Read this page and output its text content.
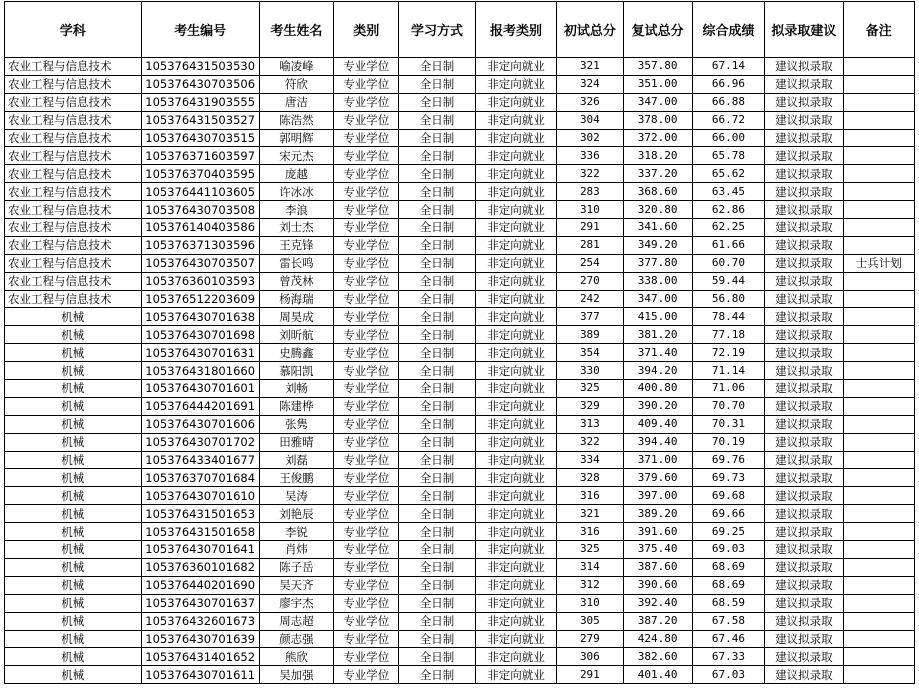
学科	考生编号	考生姓名	类别	学习方式	报考类别	初试总分	复试总分	综合成绩	拟录取建议	备注
农业工程与信息技术	105376431503530	喻凌峰	专业学位	全日制	非定向就业	321	357.80	67.14	建议拟录取	
农业工程与信息技术	105376430703506	符欣	专业学位	全日制	非定向就业	324	351.00	66.96	建议拟录取	
农业工程与信息技术	105376431903555	唐洁	专业学位	全日制	非定向就业	326	347.00	66.88	建议拟录取	
农业工程与信息技术	105376431503527	陈浩然	专业学位	全日制	非定向就业	304	378.00	66.72	建议拟录取	
农业工程与信息技术	105376430703515	郭明辉	专业学位	全日制	非定向就业	302	372.00	66.00	建议拟录取	
农业工程与信息技术	105376371603597	宋元杰	专业学位	全日制	非定向就业	336	318.20	65.78	建议拟录取	
农业工程与信息技术	105376370403595	庞越	专业学位	全日制	非定向就业	322	337.20	65.62	建议拟录取	
农业工程与信息技术	105376441103605	许冰冰	专业学位	全日制	非定向就业	283	368.60	63.45	建议拟录取	
农业工程与信息技术	105376430703508	李浪	专业学位	全日制	非定向就业	310	320.80	62.86	建议拟录取	
农业工程与信息技术	105376140403586	刘士杰	专业学位	全日制	非定向就业	291	341.60	62.25	建议拟录取	
农业工程与信息技术	105376371303596	王克锋	专业学位	全日制	非定向就业	281	349.20	61.66	建议拟录取	
农业工程与信息技术	105376430703507	雷长鸣	专业学位	全日制	非定向就业	254	377.80	60.70	建议拟录取	士兵计划
农业工程与信息技术	105376360103593	曾茂林	专业学位	全日制	非定向就业	270	338.00	59.44	建议拟录取	
农业工程与信息技术	105376512203609	杨海瑞	专业学位	全日制	非定向就业	242	347.00	56.80	建议拟录取	
机械	105376430701638	周昊成	专业学位	全日制	非定向就业	377	415.00	78.44	建议拟录取	
机械	105376430701698	刘昕航	专业学位	全日制	非定向就业	389	381.20	77.18	建议拟录取	
机械	105376430701631	史腾鑫	专业学位	全日制	非定向就业	354	371.40	72.19	建议拟录取	
机械	105376431801660	慕阳凯	专业学位	全日制	非定向就业	330	394.20	71.14	建议拟录取	
机械	105376430701601	刘畅	专业学位	全日制	非定向就业	325	400.80	71.06	建议拟录取	
机械	105376444201691	陈建桦	专业学位	全日制	非定向就业	329	390.20	70.70	建议拟录取	
机械	105376430701606	张隽	专业学位	全日制	非定向就业	313	409.40	70.31	建议拟录取	
机械	105376430701702	田雅晴	专业学位	全日制	非定向就业	322	394.40	70.19	建议拟录取	
机械	105376433401677	刘磊	专业学位	全日制	非定向就业	334	371.00	69.76	建议拟录取	
机械	105376370701684	王俊鹏	专业学位	全日制	非定向就业	328	379.60	69.73	建议拟录取	
机械	105376430701610	吴涛	专业学位	全日制	非定向就业	316	397.00	69.68	建议拟录取	
机械	105376431501653	刘艳辰	专业学位	全日制	非定向就业	321	389.20	69.66	建议拟录取	
机械	105376431501658	李锐	专业学位	全日制	非定向就业	316	391.60	69.25	建议拟录取	
机械	105376430701641	肖炜	专业学位	全日制	非定向就业	325	375.40	69.03	建议拟录取	
机械	105376360101682	陈子岳	专业学位	全日制	非定向就业	314	387.60	68.69	建议拟录取	
机械	105376440201690	吴天齐	专业学位	全日制	非定向就业	312	390.60	68.69	建议拟录取	
机械	105376430701637	廖宇杰	专业学位	全日制	非定向就业	310	392.40	68.59	建议拟录取	
机械	105376432601673	周志超	专业学位	全日制	非定向就业	305	387.20	67.58	建议拟录取	
机械	105376430701639	颜志强	专业学位	全日制	非定向就业	279	424.80	67.46	建议拟录取	
机械	105376431401652	熊欣	专业学位	全日制	非定向就业	306	382.60	67.33	建议拟录取	
机械	105376430701611	吴加强	专业学位	全日制	非定向就业	291	401.40	67.03	建议拟录取	
